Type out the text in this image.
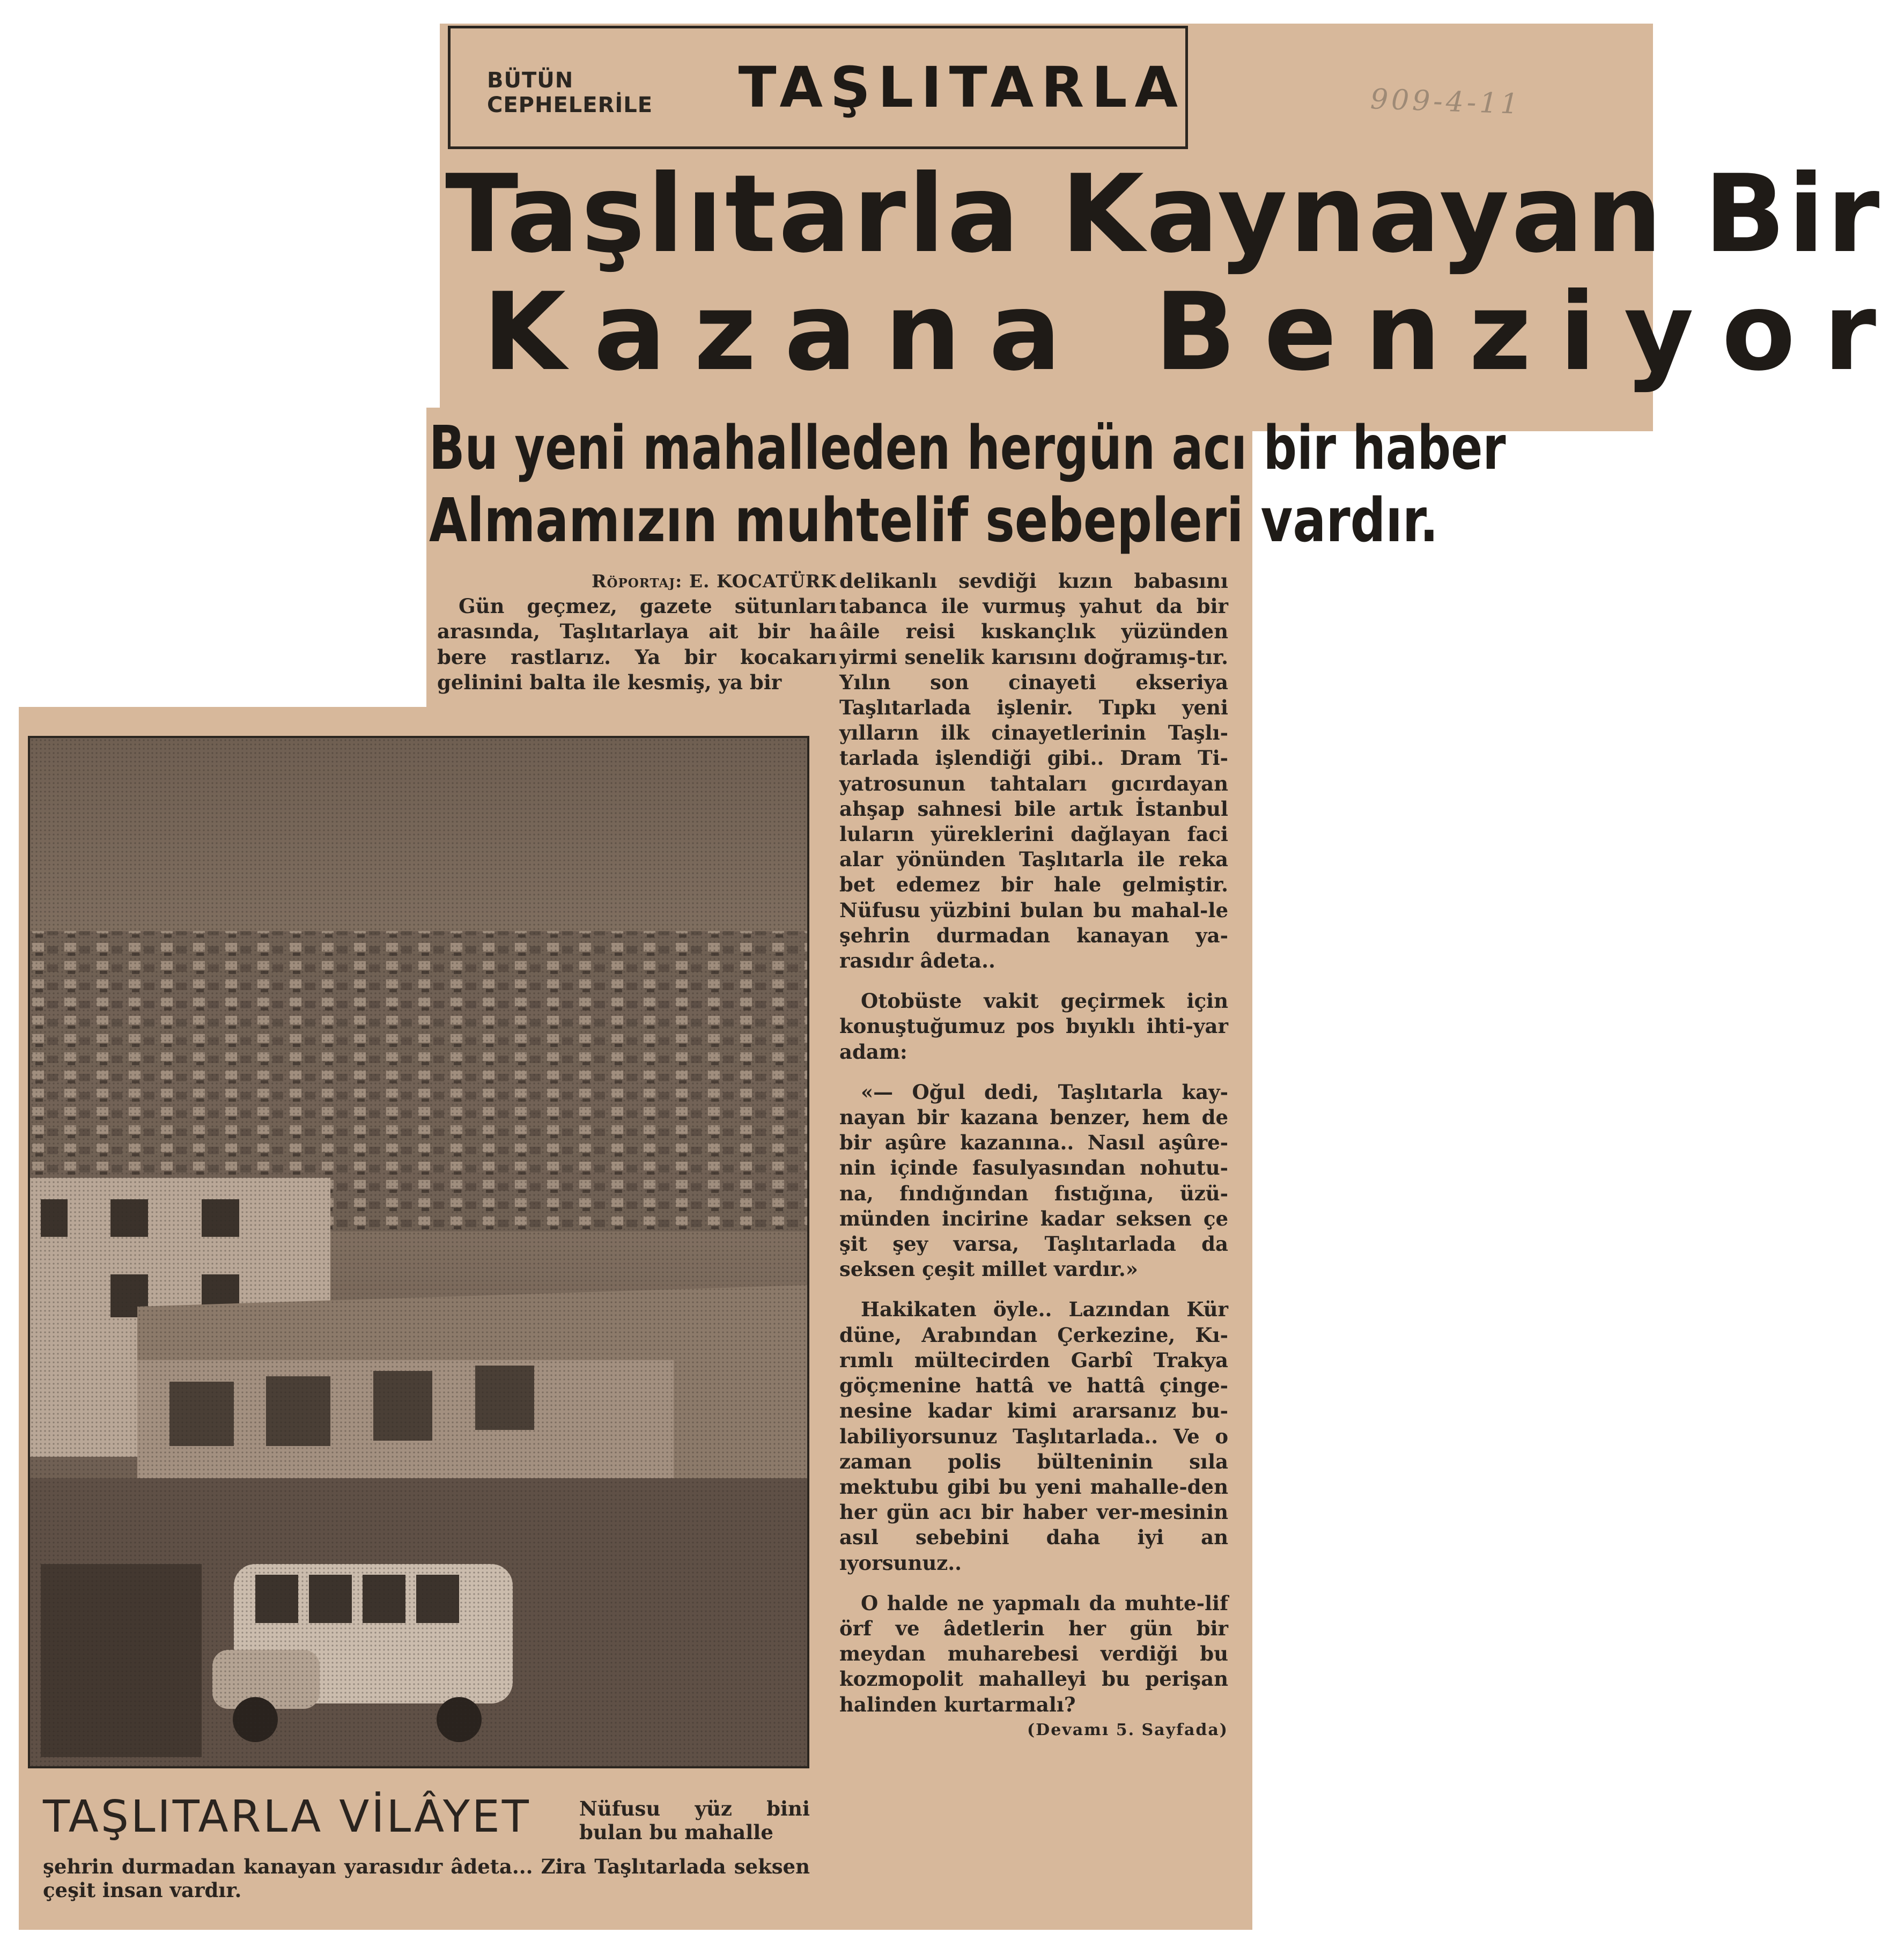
BÜTÜN CEPHELERİLE	TAŞLITARLA	909-4-11
Taşlıtarla Kaynayan Bir
Kazana Benziyor
Bu yeni mahalleden hergün acı bir haber
Almamızın muhtelif sebepleri vardır.

Röportaj: E. KOCATÜRK

Gün geçmez, gazete sütunları arasında, Taşlıtarlaya ait bir ha bere rastlarız. Ya bir kocakarı gelinini balta ile kesmiş, ya bir

delikanlı sevdiği kızın babasını tabanca ile vurmuş yahut da bir âile reisi kıskançlık yüzünden yirmi senelik karısını doğramış-tır. Yılın son cinayeti ekseriya Taşlıtarlada işlenir. Tıpkı yeni yılların ilk cinayetlerinin Taşlı-tarlada işlendiği gibi.. Dram Ti-yatrosunun tahtaları gıcırdayan ahşap sahnesi bile artık İstanbul luların yüreklerini dağlayan faci alar yönünden Taşlıtarla ile reka bet edemez bir hale gelmiştir. Nüfusu yüzbini bulan bu mahal-le şehrin durmadan kanayan ya-rasıdır âdeta..

Otobüste vakit geçirmek için konuştuğumuz pos bıyıklı ihti-yar adam:

«— Oğul dedi, Taşlıtarla kay-nayan bir kazana benzer, hem de bir aşûre kazanına.. Nasıl aşûre-nin içinde fasulyasından nohutu-na, fındığından fıstığına, üzü-münden incirine kadar seksen çe şit şey varsa, Taşlıtarlada da seksen çeşit millet vardır.»

Hakikaten öyle.. Lazından Kür düne, Arabından Çerkezine, Kı-rımlı mültecirden Garbî Trakya göçmenine hattâ ve hattâ çinge-nesine kadar kimi ararsanız bu-labiliyorsunuz Taşlıtarlada.. Ve o zaman polis bülteninin sıla mektubu gibi bu yeni mahalle-den her gün acı bir haber ver-mesinin asıl sebebini daha iyi an ıyorsunuz..

O halde ne yapmalı da muhte-lif örf ve âdetlerin her gün bir meydan muharebesi verdiği bu kozmopolit mahalleyi bu perişan halinden kurtarmalı?

(Devamı 5. Sayfada)

TAŞLITARLA VİLÂYET Nüfusu yüz bini bulan bu mahalle
şehrin durmadan kanayan yarasıdır âdeta... Zira Taşlıtarlada seksen çeşit insan vardır.
